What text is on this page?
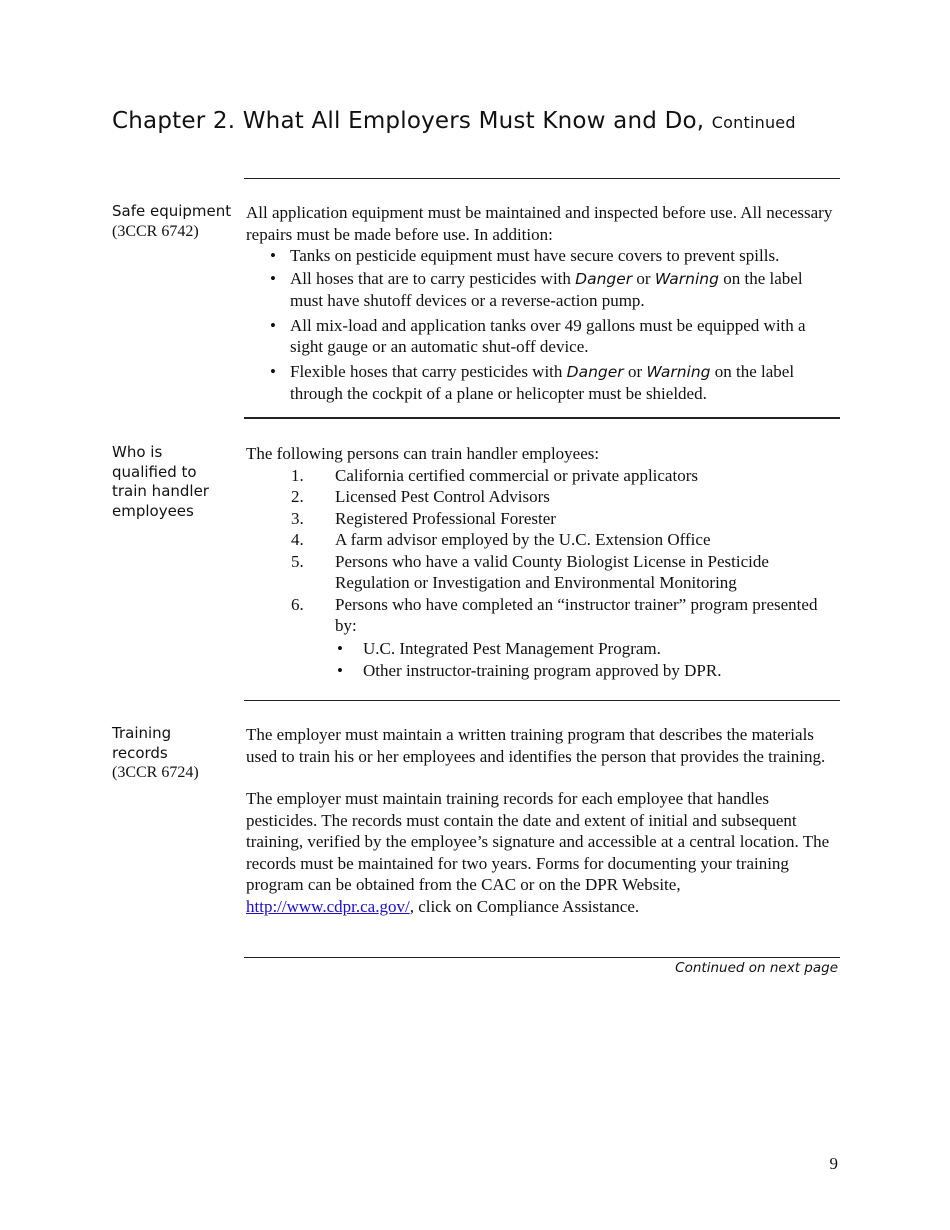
Chapter 2. What All Employers Must Know and Do, Continued
Safe equipment
(3CCR 6742)

All application equipment must be maintained and inspected before use. All necessary repairs must be made before use. In addition:

• Tanks on pesticide equipment must have secure covers to prevent spills.
• All hoses that are to carry pesticides with Danger or Warning on the label must have shutoff devices or a reverse-action pump.
• All mix-load and application tanks over 49 gallons must be equipped with a sight gauge or an automatic shut-off device.
• Flexible hoses that carry pesticides with Danger or Warning on the label through the cockpit of a plane or helicopter must be shielded.
Who is qualified to train handler employees

The following persons can train handler employees:

1. California certified commercial or private applicators
2. Licensed Pest Control Advisors
3. Registered Professional Forester
4. A farm advisor employed by the U.C. Extension Office
5. Persons who have a valid County Biologist License in Pesticide Regulation or Investigation and Environmental Monitoring
6. Persons who have completed an “instructor trainer” program presented by:
• U.C. Integrated Pest Management Program.
• Other instructor-training program approved by DPR.
Training records
(3CCR 6724)

The employer must maintain a written training program that describes the materials used to train his or her employees and identifies the person that provides the training.

The employer must maintain training records for each employee that handles pesticides. The records must contain the date and extent of initial and subsequent training, verified by the employee’s signature and accessible at a central location. The records must be maintained for two years. Forms for documenting your training program can be obtained from the CAC or on the DPR Website, http://www.cdpr.ca.gov/, click on Compliance Assistance.

Continued on next page
9
